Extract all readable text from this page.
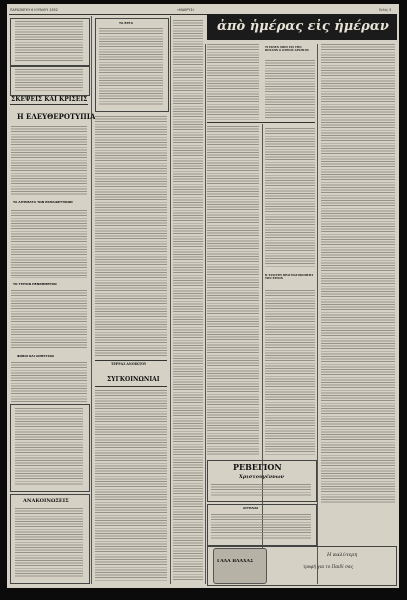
ΠΑΡΑΣΚΕΥΗ 6 ΙΟΥΝΙΟΥ 1952	«ΜΑΚΡΥΣ»	Σελίς 3
ΣΚΕΨΕΙΣ ΚΑΙ ΚΡΙΣΕΙΣ
Η ΕΛΕΥΘΕΡΟΤΥΠΙΑ
ΤΑ ΑΙΤΗΜΑΤΑ ΤΩΝ ΕΚΠΑΙΔΕΥΤΙΚΩΝ
ΤΟ ΤΡΙΤΟΝ ΠΕΝΘΗΜΕΡΟΝ
ΦΟΒΟΙ ΚΑΙ ΑΝΗΣΥΧΙΑΙ
ΑΝΑΚΟΙΝΩΣΕΙΣ
ΤΑ ΕΡΓΑ
ΤΕΡΡΑΣ ΑΝΟΙΚΤΟΥ
ΣΥΓΚΟΙΝΩΝΙΑΙ
ἀπὸ ἡμέρας εἰς ἡμέραν
ΤΙ ΕΙΠΕΝ ΧΘΕΣ ΕΙΣ ΤΗΝ ΒΟΥΛΗΝ Ο ΚΥΡΙΟΣ ΑΡΧΗΓΟΣ
Η ΤΑΧΙΣΤΗ ΠΡΑΓΜΑΤΟΠΟΙΗΣΙΣ ΤΩΝ ΕΡΓΩΝ
ΡΕΒΕΓΙΟΝ
Χριστουγέννων
ΑΓΓΕΛΙΑΙ
ΓΑΛΑ ΒΛΑΧΑΣ
Η καλύτερη
τροφή για το Παιδί σας
